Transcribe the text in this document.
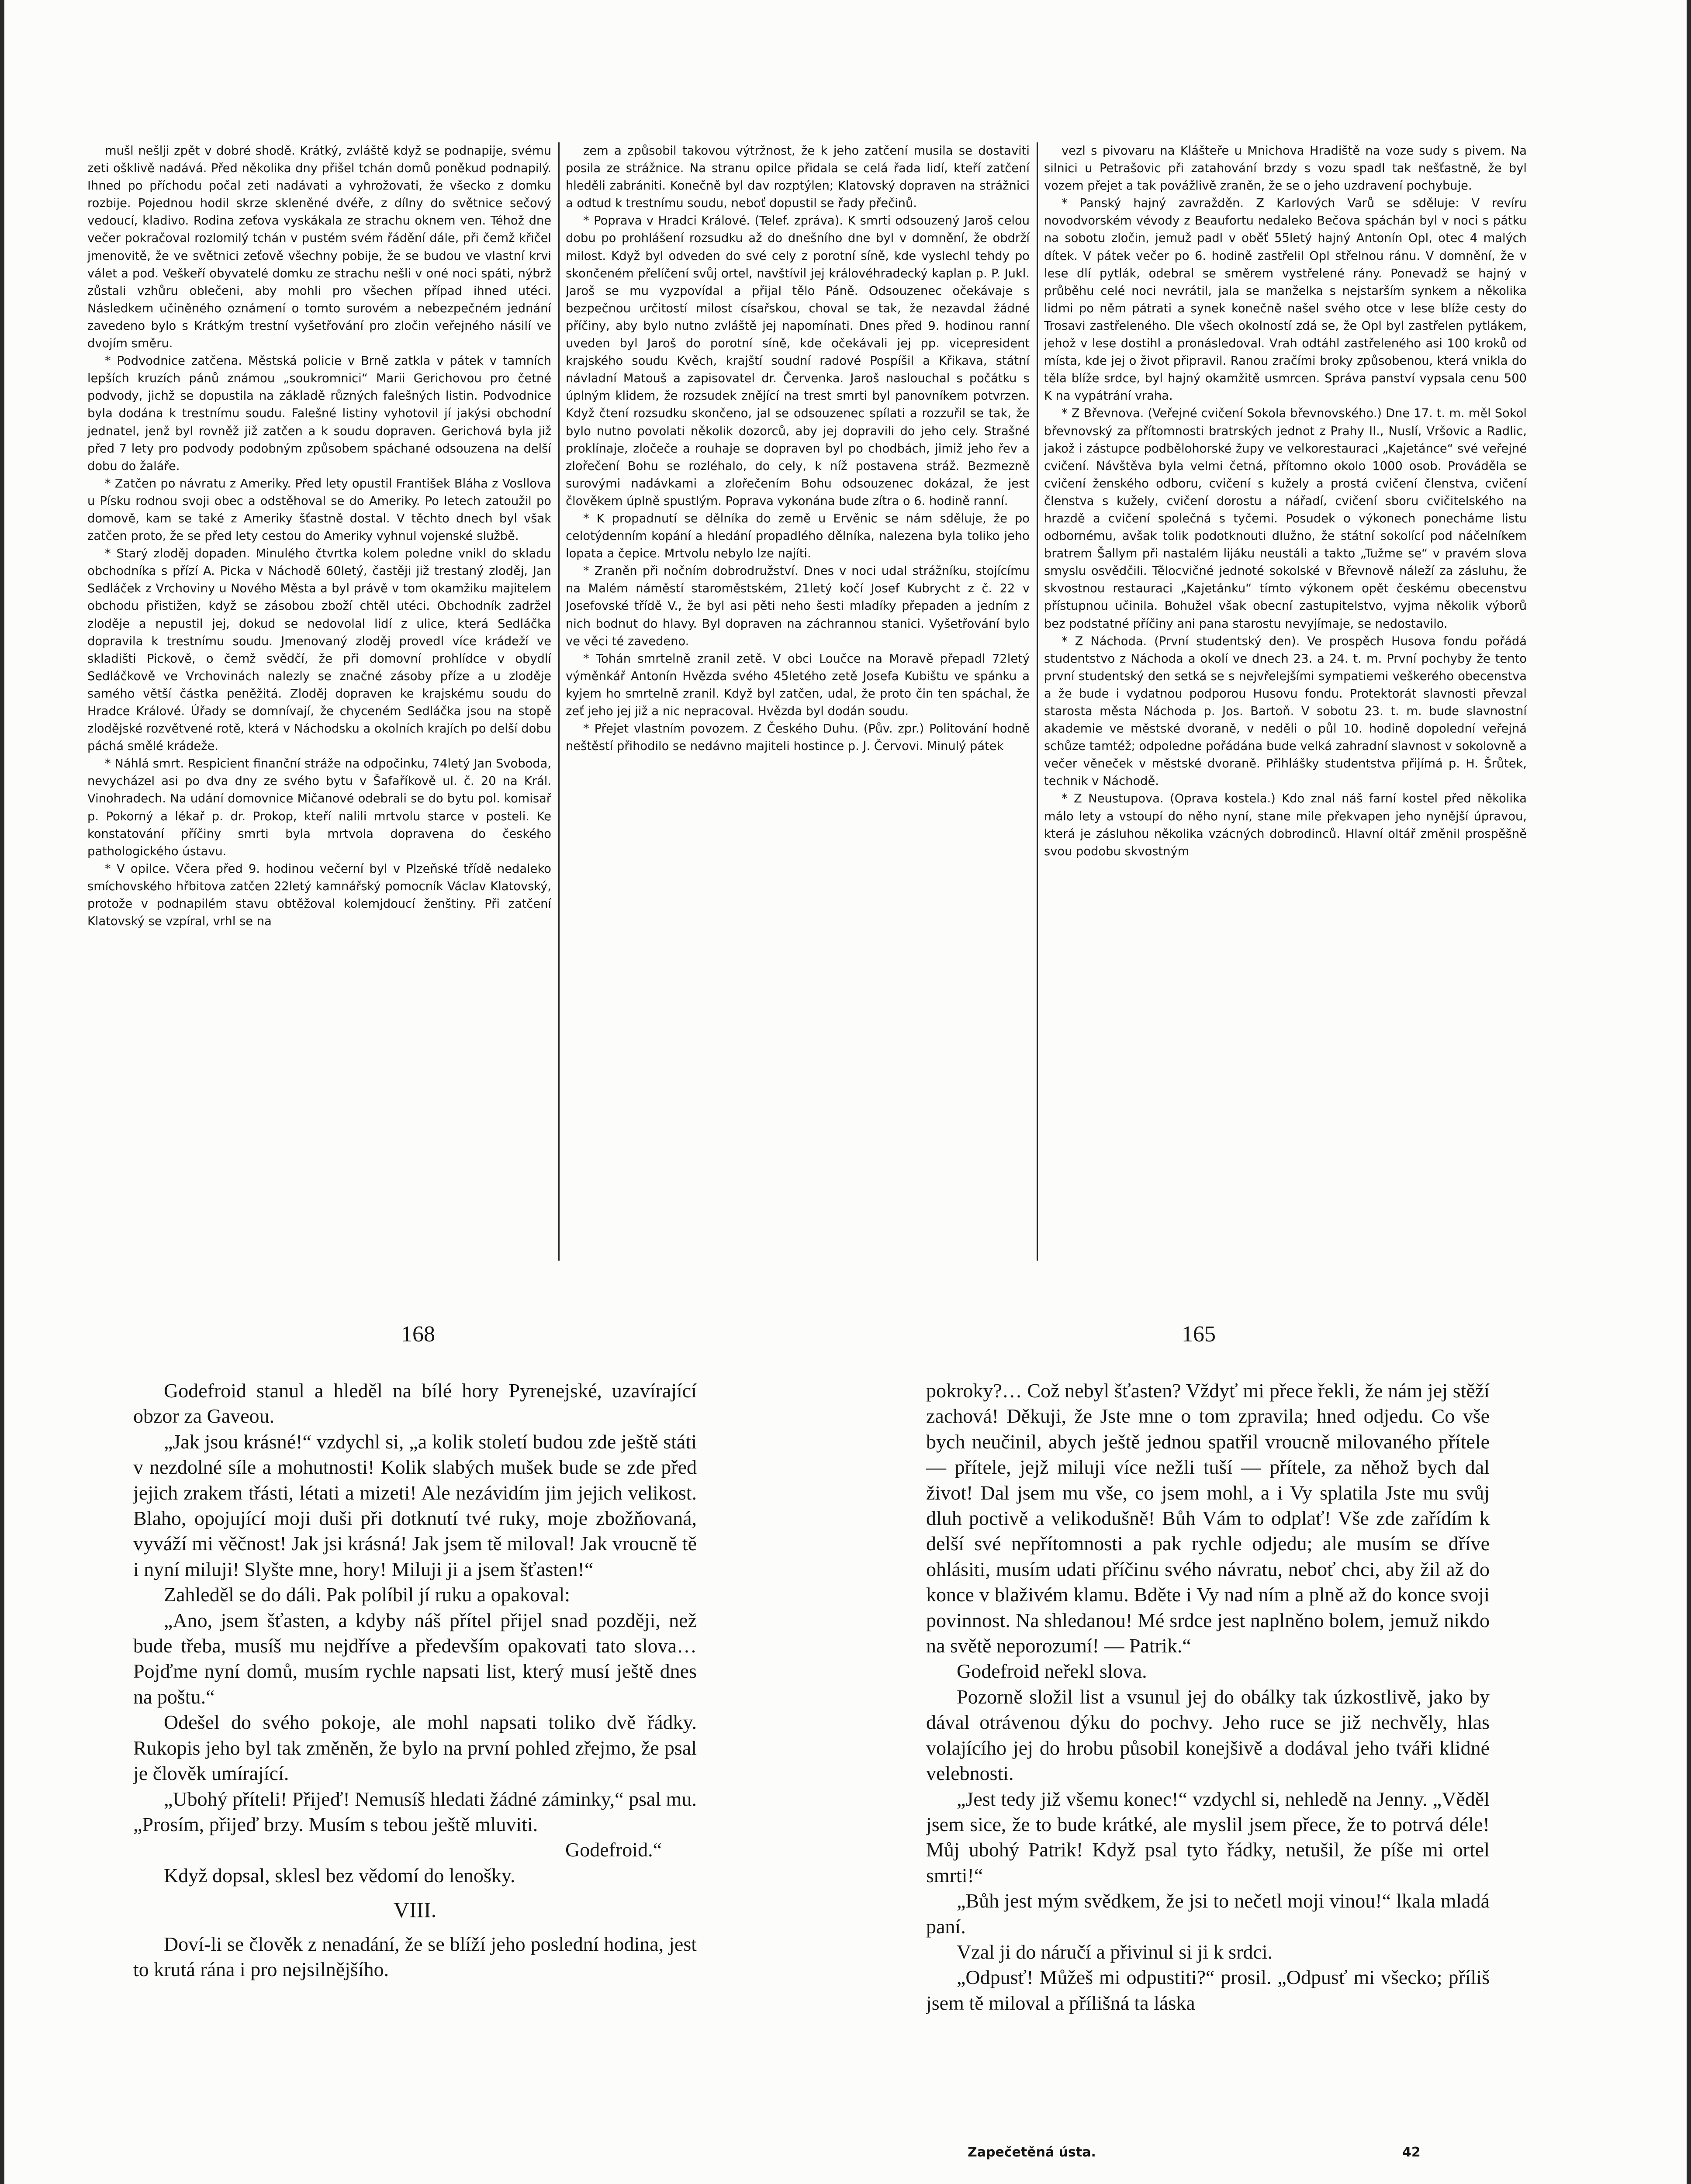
mušl nešlji zpět v dobré shodě. Krátký, zvláště když se podnapije, svému zeti ošklivě nadává. Před několika dny přišel tchán domů poněkud podnapilý. Ihned po příchodu počal zeti nadávati a vyhrožovati, že všecko z domku rozbije. Pojednou hodil skrze skleněné dvéře, z dílny do světnice sečový vedoucí, kladivo. Rodina zeťova vyskákala ze strachu oknem ven. Téhož dne večer pokračoval rozlomilý tchán v pustém svém řádění dále, při čemž křičel jmenovitě, že ve světnici zeťově všechny pobije, že se budou ve vlastní krvi válet a pod. Veškeří obyvatelé domku ze strachu nešli v oné noci spáti, nýbrž zůstali vzhůru oblečeni, aby mohli pro všechen případ ihned utéci. Následkem učiněného oznámení o tomto surovém a nebezpečném jednání zavedeno bylo s Krátkým trestní vyšetřování pro zločin veřejného násilí ve dvojím směru.

* Podvodnice zatčena. Městská policie v Brně zatkla v pátek v tamních lepších kruzích pánů známou „soukromnici“ Marii Gerichovou pro četné podvody, jichž se dopustila na základě různých falešných listin. Podvodnice byla dodána k trestnímu soudu. Falešné listiny vyhotovil jí jakýsi obchodní jednatel, jenž byl rovněž již zatčen a k soudu dopraven. Gerichová byla již před 7 lety pro podvody podobným způsobem spáchané odsouzena na delší dobu do žaláře.

* Zatčen po návratu z Ameriky. Před lety opustil František Bláha z Vosllova u Písku rodnou svoji obec a odstěhoval se do Ameriky. Po letech zatoužil po domově, kam se také z Ameriky šťastně dostal. V těchto dnech byl však zatčen proto, že se před lety cestou do Ameriky vyhnul vojenské službě.

* Starý zloděj dopaden. Minulého čtvrtka kolem poledne vnikl do skladu obchodníka s přízí A. Picka v Náchodě 60letý, častěji již trestaný zloděj, Jan Sedláček z Vrchoviny u Nového Města a byl právě v tom okamžiku majitelem obchodu přistižen, když se zásobou zboží chtěl utéci. Obchodník zadržel zloděje a nepustil jej, dokud se nedovolal lidí z ulice, která Sedláčka dopravila k trestnímu soudu. Jmenovaný zloděj provedl více krádeží ve skladišti Pickově, o čemž svědčí, že při domovní prohlídce v obydlí Sedláčkově ve Vrchovinách nalezly se značné zásoby příze a u zloděje samého větší částka peněžitá. Zloděj dopraven ke krajskému soudu do Hradce Králové. Úřady se domnívají, že chyceném Sedláčka jsou na stopě zlodějské rozvětvené rotě, která v Náchodsku a okolních krajích po delší dobu páchá smělé krádeže.

* Náhlá smrt. Respicient finanční stráže na odpočinku, 74letý Jan Svoboda, nevycházel asi po dva dny ze svého bytu v Šafaříkově ul. č. 20 na Král. Vinohradech. Na udání domovnice Mičanové odebrali se do bytu pol. komisař p. Pokorný a lékař p. dr. Prokop, kteří nalili mrtvolu starce v posteli. Ke konstatování příčiny smrti byla mrtvola dopravena do českého pathologického ústavu.

* V opilce. Včera před 9. hodinou večerní byl v Plzeňské třídě nedaleko smíchovského hřbitova zatčen 22letý kamnářský pomocník Václav Klatovský, protože v podnapilém stavu obtěžoval kolemjdoucí ženštiny. Při zatčení Klatovský se vzpíral, vrhl se na

zem a způsobil takovou výtržnost, že k jeho zatčení musila se dostaviti posila ze strážnice. Na stranu opilce přidala se celá řada lidí, kteří zatčení hleděli zabrániti. Konečně byl dav rozptýlen; Klatovský dopraven na strážnici a odtud k trestnímu soudu, neboť dopustil se řady přečinů.

* Poprava v Hradci Králové. (Telef. zpráva). K smrti odsouzený Jaroš celou dobu po prohlášení rozsudku až do dnešního dne byl v domnění, že obdrží milost. Když byl odveden do své cely z porotní síně, kde vyslechl tehdy po skončeném přelíčení svůj ortel, navštívil jej královéhradecký kaplan p. P. Jukl. Jaroš se mu vyzpovídal a přijal tělo Páně. Odsouzenec očekávaje s bezpečnou určitostí milost císařskou, choval se tak, že nezavdal žádné příčiny, aby bylo nutno zvláště jej napomínati. Dnes před 9. hodinou ranní uveden byl Jaroš do porotní síně, kde očekávali jej pp. vicepresident krajského soudu Kvěch, krajští soudní radové Pospíšil a Křikava, státní návladní Matouš a zapisovatel dr. Červenka. Jaroš naslouchal s počátku s úplným klidem, že rozsudek znějící na trest smrti byl panovníkem potvrzen. Když čtení rozsudku skončeno, jal se odsouzenec spílati a rozzuřil se tak, že bylo nutno povolati několik dozorců, aby jej dopravili do jeho cely. Strašné proklínaje, zločeče a rouhaje se dopraven byl po chodbách, jimiž jeho řev a zlořečení Bohu se rozléhalo, do cely, k níž postavena stráž. Bezmezně surovými nadávkami a zlořečením Bohu odsouzenec dokázal, že jest člověkem úplně spustlým. Poprava vykonána bude zítra o 6. hodině ranní.

* K propadnutí se dělníka do země u Ervěnic se nám sděluje, že po celotýdenním kopání a hledání propadlého dělníka, nalezena byla toliko jeho lopata a čepice. Mrtvolu nebylo lze najíti.

* Zraněn při nočním dobrodružství. Dnes v noci udal strážníku, stojícímu na Malém náměstí staroměstském, 21letý kočí Josef Kubrycht z č. 22 v Josefovské třídě V., že byl asi pěti neho šesti mladíky přepaden a jedním z nich bodnut do hlavy. Byl dopraven na záchrannou stanici. Vyšetřování bylo ve věci té zavedeno.

* Tohán smrtelně zranil zetě. V obci Loučce na Moravě přepadl 72letý výměnkář Antonín Hvězda svého 45letého zetě Josefa Kubištu ve spánku a kyjem ho smrtelně zranil. Když byl zatčen, udal, že proto čin ten spáchal, že zeť jeho jej již a nic nepracoval. Hvězda byl dodán soudu.

* Přejet vlastním povozem. Z Českého Duhu. (Pův. zpr.) Politování hodně neštěstí přihodilo se nedávno majiteli hostince p. J. Červovi. Minulý pátek

vezl s pivovaru na Klášteře u Mnichova Hradiště na voze sudy s pivem. Na silnici u Petrašovic při zatahování brzdy s vozu spadl tak nešťastně, že byl vozem přejet a tak povážlivě zraněn, že se o jeho uzdravení pochybuje.

* Panský hajný zavražděn. Z Karlových Varů se sděluje: V revíru novodvorském vévody z Beaufortu nedaleko Bečova spáchán byl v noci s pátku na sobotu zločin, jemuž padl v oběť 55letý hajný Antonín Opl, otec 4 malých dítek. V pátek večer po 6. hodině zastřelil Opl střelnou ránu. V domnění, že v lese dlí pytlák, odebral se směrem vystřelené rány. Ponevadž se hajný v průběhu celé noci nevrátil, jala se manželka s nejstarším synkem a několika lidmi po něm pátrati a synek konečně našel svého otce v lese blíže cesty do Trosavi zastřeleného. Dle všech okolností zdá se, že Opl byl zastřelen pytlákem, jehož v lese dostihl a pronásledoval. Vrah odtáhl zastřeleného asi 100 kroků od místa, kde jej o život připravil. Ranou zračími broky způsobenou, která vnikla do těla blíže srdce, byl hajný okamžitě usmrcen. Správa panství vypsala cenu 500 K na vypátrání vraha.

* Z Břevnova. (Veřejné cvičení Sokola břevnovského.) Dne 17. t. m. měl Sokol břevnovský za přítomnosti bratrských jednot z Prahy II., Nuslí, Vršovic a Radlic, jakož i zástupce podbělohorské župy ve velkorestauraci „Kajetánce“ své veřejné cvičení. Návštěva byla velmi četná, přítomno okolo 1000 osob. Prováděla se cvičení ženského odboru, cvičení s kužely a prostá cvičení členstva, cvičení členstva s kužely, cvičení dorostu a nářadí, cvičení sboru cvičitelského na hrazdě a cvičení společná s tyčemi. Posudek o výkonech ponecháme listu odbornému, avšak tolik podotknouti dlužno, že státní sokolící pod náčelníkem bratrem Šallym při nastalém lijáku neustáli a takto „Tužme se“ v pravém slova smyslu osvědčili. Tělocvičné jednoté sokolské v Břevnově náleží za zásluhu, že skvostnou restauraci „Kajetánku“ tímto výkonem opět českému obecenstvu přístupnou učinila. Bohužel však obecní zastupitelstvo, vyjma několik výborů bez podstatné příčiny ani pana starostu nevyjímaje, se nedostavilo.

* Z Náchoda. (První studentský den). Ve prospěch Husova fondu pořádá studentstvo z Náchoda a okolí ve dnech 23. a 24. t. m. První pochyby že tento první studentský den setká se s nejvřelejšími sympatiemi veškerého obecenstva a že bude i vydatnou podporou Husovu fondu. Protektorát slavnosti převzal starosta města Náchoda p. Jos. Bartoň. V sobotu 23. t. m. bude slavnostní akademie ve městské dvoraně, v neděli o půl 10. hodině dopolední veřejná schůze tamtéž; odpoledne pořádána bude velká zahradní slavnost v sokolovně a večer věneček v městské dvoraně. Přihlášky studentstva přijímá p. H. Šrůtek, technik v Náchodě.

* Z Neustupova. (Oprava kostela.) Kdo znal náš farní kostel před několika málo lety a vstoupí do něho nyní, stane mile překvapen jeho nynější úpravou, která je zásluhou několika vzácných dobrodinců. Hlavní oltář změnil prospěšně svou podobu skvostným

168	165

Godefroid stanul a hleděl na bílé hory Pyrenejské, uzavírající obzor za Gaveou.

„Jak jsou krásné!“ vzdychl si, „a kolik století budou zde ještě státi v nezdolné síle a mohutnosti! Kolik slabých mušek bude se zde před jejich zrakem třásti, létati a mizeti! Ale nezávidím jim jejich velikost. Blaho, opojující moji duši při dotknutí tvé ruky, moje zbožňovaná, vyváží mi věčnost! Jak jsi krásná! Jak jsem tě miloval! Jak vroucně tě i nyní miluji! Slyšte mne, hory! Miluji ji a jsem šťasten!“

Zahleděl se do dáli. Pak políbil jí ruku a opakoval:

„Ano, jsem šťasten, a kdyby náš přítel přijel snad později, než bude třeba, musíš mu nejdříve a především opakovati tato slova… Pojďme nyní domů, musím rychle napsati list, který musí ještě dnes na poštu.“

Odešel do svého pokoje, ale mohl napsati toliko dvě řádky. Rukopis jeho byl tak změněn, že bylo na první pohled zřejmo, že psal je člověk umírající.

„Ubohý příteli! Přijeď! Nemusíš hledati žádné záminky,“ psal mu. „Prosím, přijeď brzy. Musím s tebou ještě mluviti.

Godefroid.“

Když dopsal, sklesl bez vědomí do lenošky.

VIII.

Doví-li se člověk z nenadání, že se blíží jeho poslední hodina, jest to krutá rána i pro nejsilnějšího.

pokroky?… Což nebyl šťasten? Vždyť mi přece řekli, že nám jej stěží zachová! Děkuji, že Jste mne o tom zpravila; hned odjedu. Co vše bych neučinil, abych ještě jednou spatřil vroucně milovaného přítele — přítele, jejž miluji více nežli tuší — přítele, za něhož bych dal život! Dal jsem mu vše, co jsem mohl, a i Vy splatila Jste mu svůj dluh poctivě a velikodušně! Bůh Vám to odplať! Vše zde zařídím k delší své nepřítomnosti a pak rychle odjedu; ale musím se dříve ohlásiti, musím udati příčinu svého návratu, neboť chci, aby žil až do konce v blaživém klamu. Bděte i Vy nad ním a plně až do konce svoji povinnost. Na shledanou! Mé srdce jest naplněno bolem, jemuž nikdo na světě neporozumí! — Patrik.“

Godefroid neřekl slova.

Pozorně složil list a vsunul jej do obálky tak úzkostlivě, jako by dával otrávenou dýku do pochvy. Jeho ruce se již nechvěly, hlas volajícího jej do hrobu působil konejšivě a dodával jeho tváři klidné velebnosti.

„Jest tedy již všemu konec!“ vzdychl si, nehledě na Jenny. „Věděl jsem sice, že to bude krátké, ale myslil jsem přece, že to potrvá déle! Můj ubohý Patrik! Když psal tyto řádky, netušil, že píše mi ortel smrti!“

„Bůh jest mým svědkem, že jsi to nečetl moji vinou!“ lkala mladá paní.

Vzal ji do náručí a přivinul si ji k srdci.

„Odpusť! Můžeš mi odpustiti?“ prosil. „Odpusť mi všecko; příliš jsem tě miloval a přílišná ta láska

Zapečetěná ústa.	42
